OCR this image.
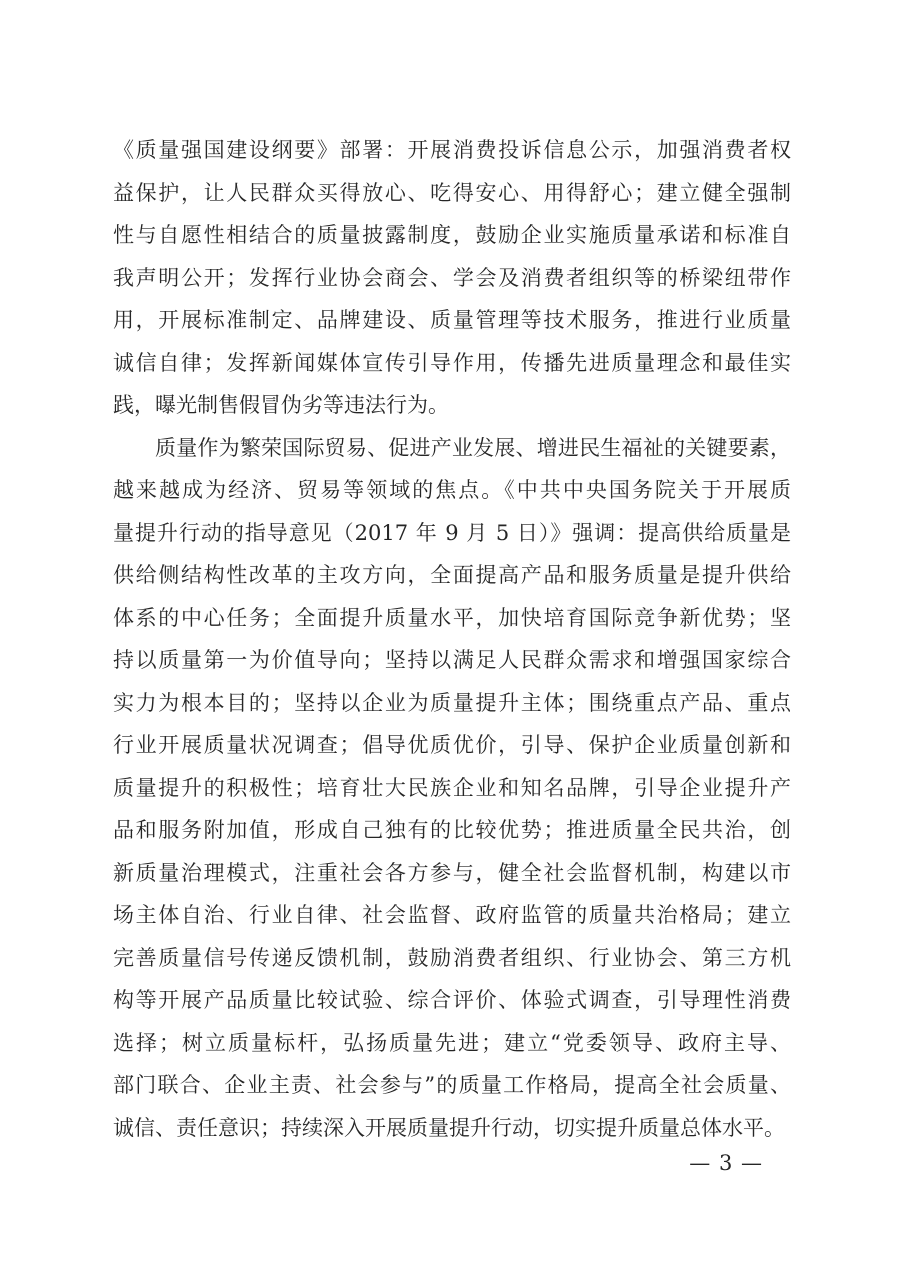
《质量强国建设纲要》部署：开展消费投诉信息公示，加强消费者权
益保护，让人民群众买得放心、吃得安心、用得舒心；建立健全强制
性与自愿性相结合的质量披露制度，鼓励企业实施质量承诺和标准自
我声明公开；发挥行业协会商会、学会及消费者组织等的桥梁纽带作
用，开展标准制定、品牌建设、质量管理等技术服务，推进行业质量
诚信自律；发挥新闻媒体宣传引导作用，传播先进质量理念和最佳实
践，曝光制售假冒伪劣等违法行为。
质量作为繁荣国际贸易、促进产业发展、增进民生福祉的关键要素，
越来越成为经济、贸易等领域的焦点。《中共中央国务院关于开展质
量提升行动的指导意见（2017 年 9 月 5 日）》强调：提高供给质量是
供给侧结构性改革的主攻方向，全面提高产品和服务质量是提升供给
体系的中心任务；全面提升质量水平，加快培育国际竞争新优势；坚
持以质量第一为价值导向；坚持以满足人民群众需求和增强国家综合
实力为根本目的；坚持以企业为质量提升主体；围绕重点产品、重点
行业开展质量状况调查；倡导优质优价，引导、保护企业质量创新和
质量提升的积极性；培育壮大民族企业和知名品牌，引导企业提升产
品和服务附加值，形成自己独有的比较优势；推进质量全民共治，创
新质量治理模式，注重社会各方参与，健全社会监督机制，构建以市
场主体自治、行业自律、社会监督、政府监管的质量共治格局；建立
完善质量信号传递反馈机制，鼓励消费者组织、行业协会、第三方机
构等开展产品质量比较试验、综合评价、体验式调查，引导理性消费
选择；树立质量标杆，弘扬质量先进；建立“党委领导、政府主导、
部门联合、企业主责、社会参与”的质量工作格局，提高全社会质量、
诚信、责任意识；持续深入开展质量提升行动，切实提升质量总体水平。
— 3 —
